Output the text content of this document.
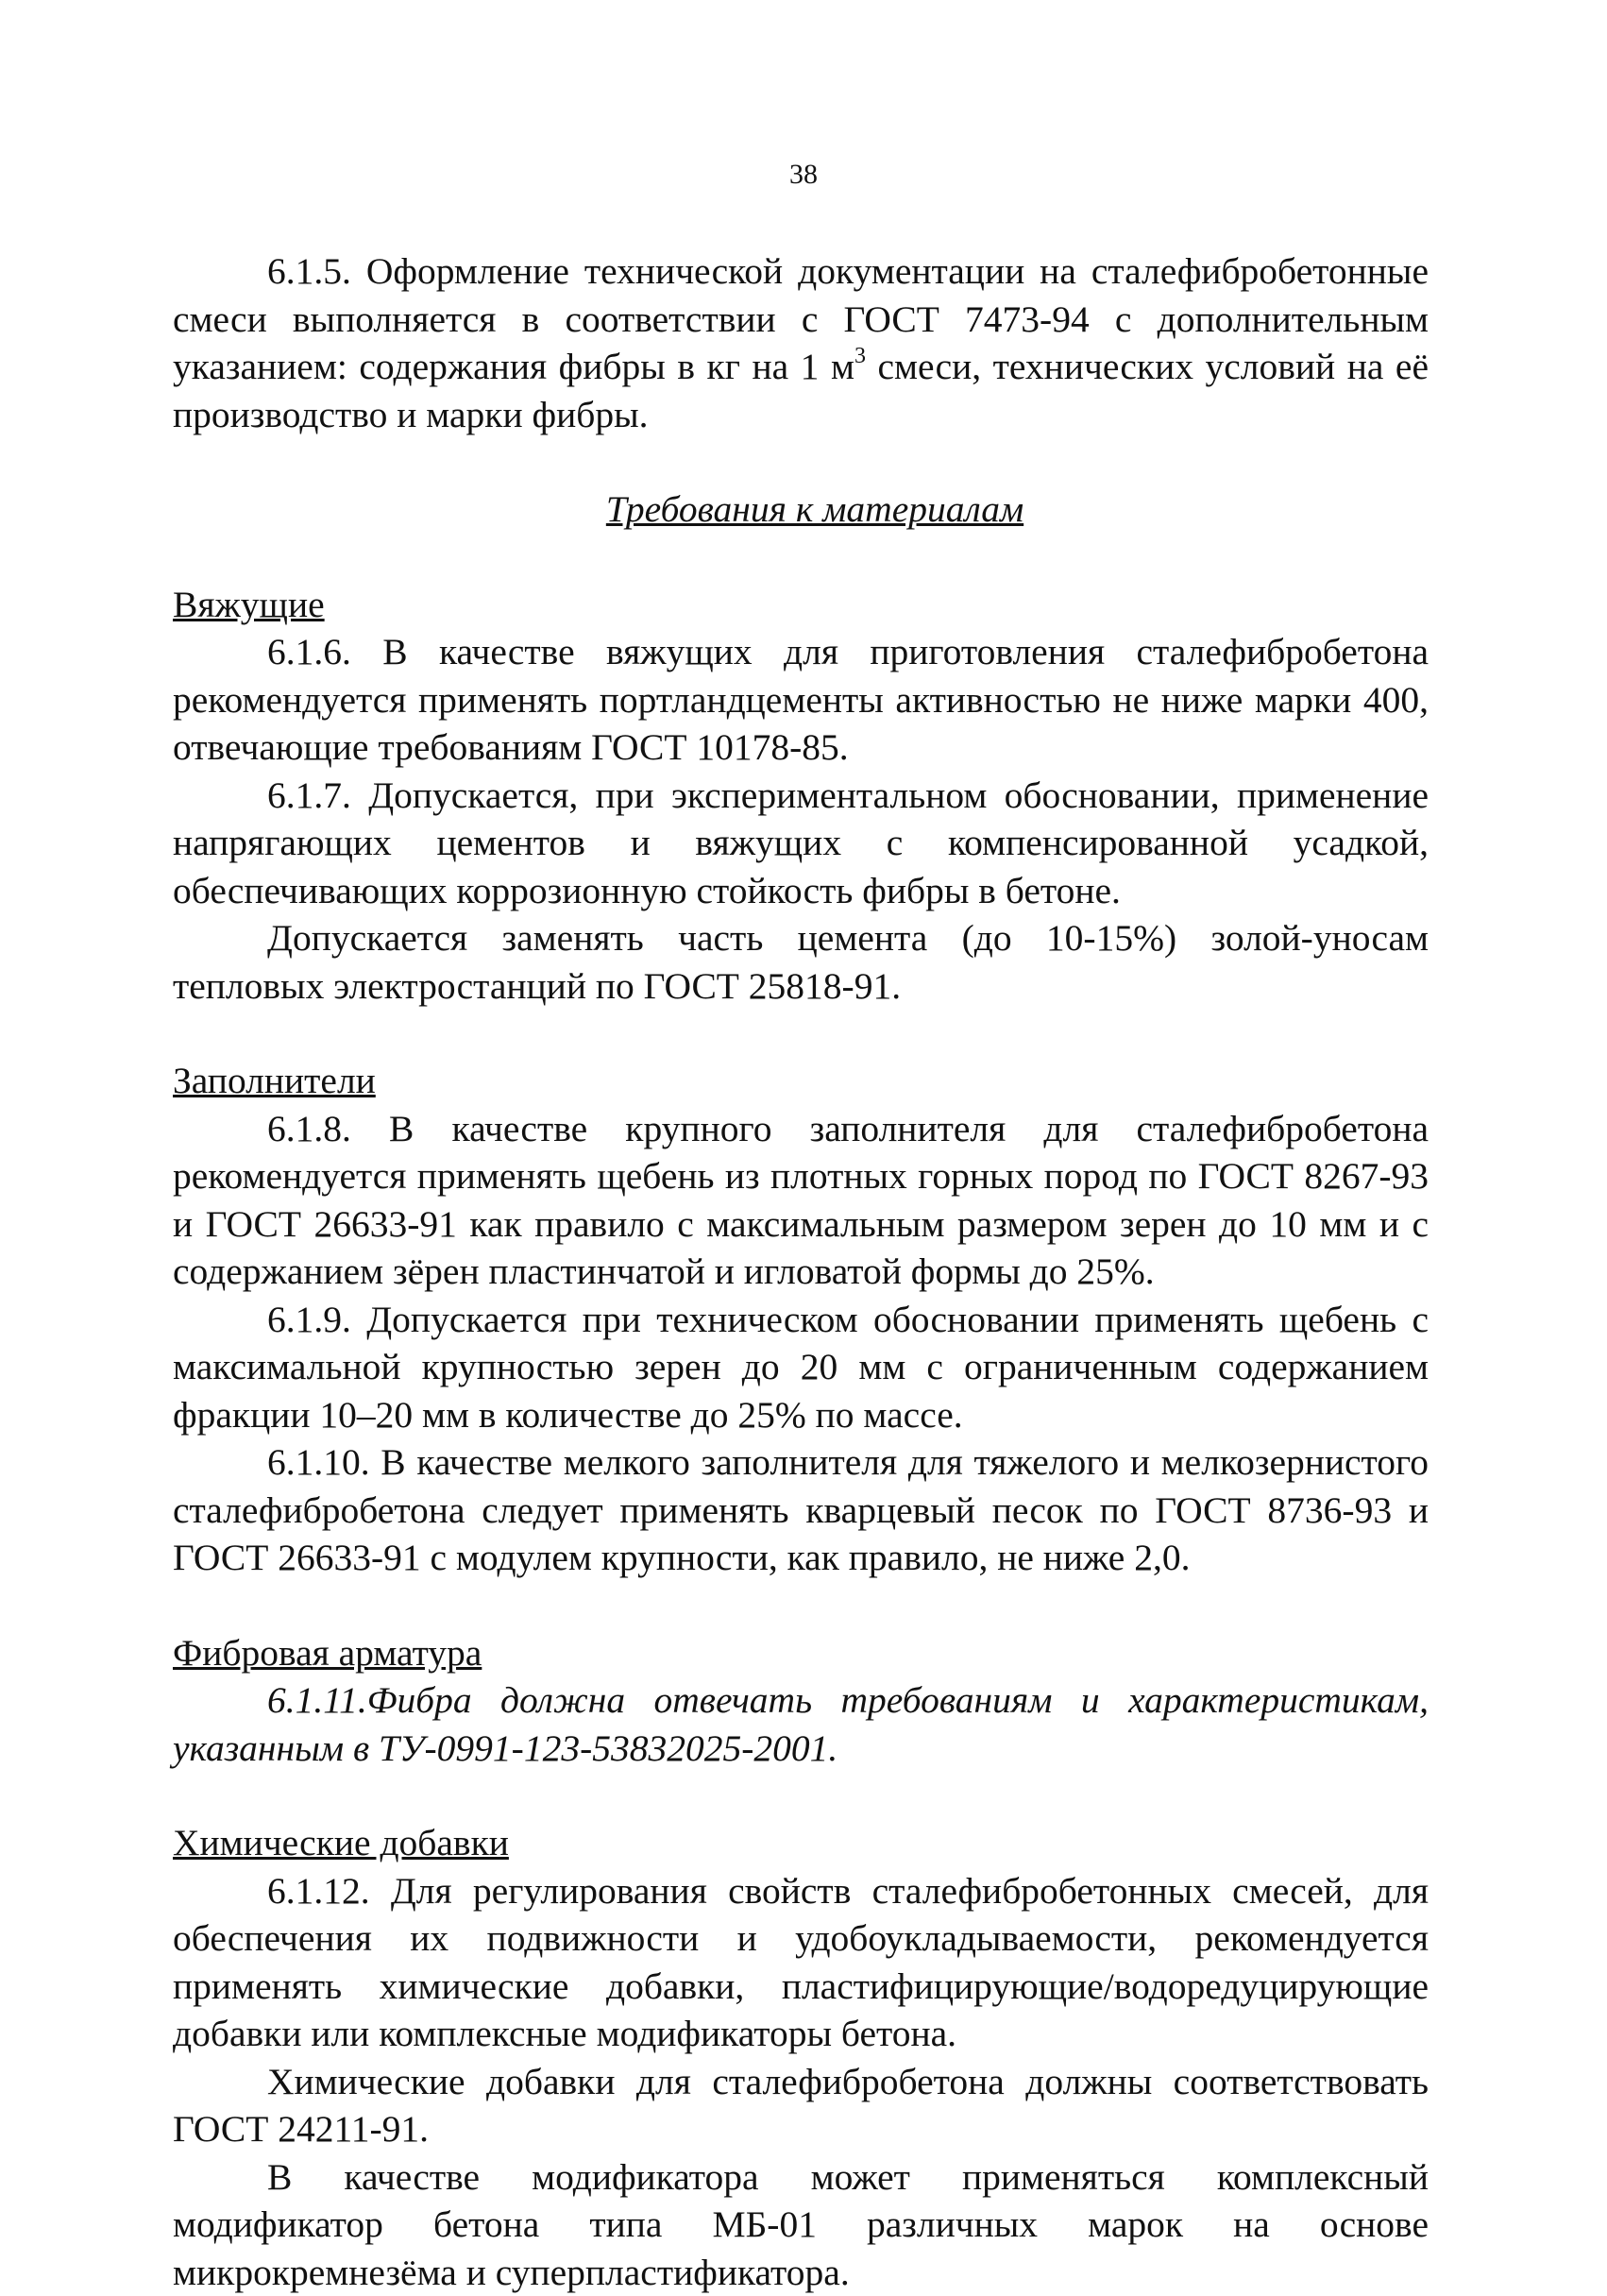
38

6.1.5. Оформление технической документации на сталефибробетонные смеси выполняется в соответствии с ГОСТ 7473-94 с дополнительным указанием: содержания фибры в кг на 1 $м^3$ смеси, технических условий на её производство и марки фибры.

Требования к материалам

Вяжущие

6.1.6. В качестве вяжущих для приготовления сталефибробетона рекомендуется применять портландцементы активностью не ниже марки 400, отвечающие требованиям ГОСТ 10178-85.

6.1.7. Допускается, при экспериментальном обосновании, применение напрягающих цементов и вяжущих с компенсированной усадкой, обеспечивающих коррозионную стойкость фибры в бетоне.

Допускается заменять часть цемента (до 10-15%) золой-уносам тепловых электростанций по ГОСТ 25818-91.

Заполнители

6.1.8. В качестве крупного заполнителя для сталефибробетона рекомендуется применять щебень из плотных горных пород по ГОСТ 8267-93 и ГОСТ 26633-91 как правило с максимальным размером зерен до 10 мм и с содержанием зёрен пластинчатой и игловатой формы до 25%.

6.1.9. Допускается при техническом обосновании применять щебень с максимальной крупностью зерен до 20 мм с ограниченным содержанием фракции 10–20 мм в количестве до 25% по массе.

6.1.10. В качестве мелкого заполнителя для тяжелого и мелкозернистого сталефибробетона следует применять кварцевый песок по ГОСТ 8736-93 и ГОСТ 26633-91 с модулем крупности, как правило, не ниже 2,0.

Фибровая арматура

6.1.11.Фибра должна отвечать требованиям и характеристикам, указанным в ТУ-0991-123-53832025-2001.

Химические добавки

6.1.12. Для регулирования свойств сталефибробетонных смесей, для обеспечения их подвижности и удобоукладываемости, рекомендуется применять химические добавки, пластифицирующие/водоредуцирующие добавки или комплексные модификаторы бетона.

Химические добавки для сталефибробетона должны соответствовать ГОСТ 24211-91.

В качестве модификатора может применяться комплексный модификатор бетона типа МБ-01 различных марок на основе микрокремнезёма и суперпластификатора.
